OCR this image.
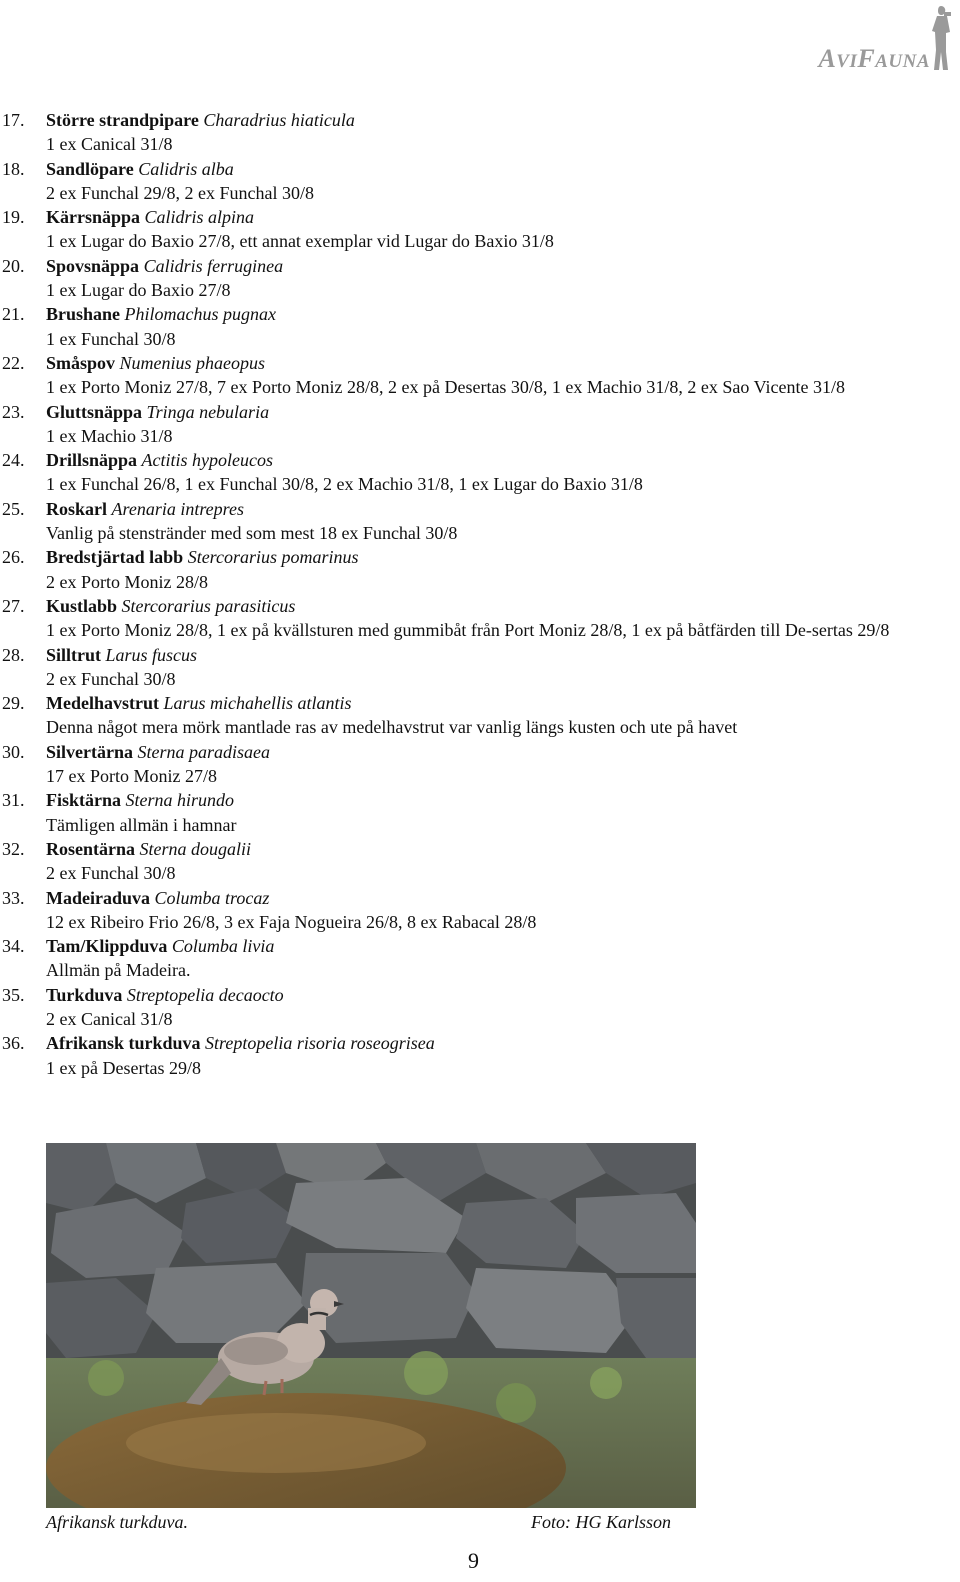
AVIFAUNA
17.	Större strandpipare Charadrius hiaticula
1 ex Canical 31/8
18.	Sandlöpare Calidris alba
2 ex Funchal 29/8, 2 ex Funchal 30/8
19.	Kärrsnäppa Calidris alpina
1 ex Lugar do Baxio 27/8, ett annat exemplar vid Lugar do Baxio 31/8
20.	Spovsnäppa Calidris ferruginea
1 ex Lugar do Baxio 27/8
21.	Brushane Philomachus pugnax
1 ex Funchal 30/8
22.	Småspov Numenius phaeopus
1 ex Porto Moniz 27/8, 7 ex Porto Moniz 28/8, 2 ex på Desertas 30/8, 1 ex Machio 31/8, 2 ex Sao Vicente 31/8
23.	Gluttsnäppa Tringa nebularia
1 ex Machio 31/8
24.	Drillsnäppa Actitis hypoleucos
1 ex Funchal 26/8, 1 ex Funchal 30/8, 2 ex Machio 31/8, 1 ex Lugar do Baxio 31/8
25.	Roskarl Arenaria intrepres
Vanlig på stenstränder med som mest 18 ex Funchal 30/8
26.	Bredstjärtad labb Stercorarius pomarinus
2 ex Porto Moniz 28/8
27.	Kustlabb Stercorarius parasiticus
1 ex Porto Moniz 28/8, 1 ex på kvällsturen med gummibåt från Port Moniz 28/8, 1 ex på båtfärden till De-sertas 29/8
28.	Silltrut Larus fuscus
2 ex Funchal 30/8
29.	Medelhavstrut Larus michahellis atlantis
Denna något mera mörk mantlade ras av medelhavstrut var vanlig längs kusten och ute på havet
30.	Silvertärna Sterna paradisaea
17 ex Porto Moniz 27/8
31.	Fisktärna Sterna hirundo
Tämligen allmän i hamnar
32.	Rosentärna Sterna dougalii
2 ex Funchal 30/8
33.	Madeiraduva Columba trocaz
12 ex Ribeiro Frio 26/8, 3 ex Faja Nogueira 26/8, 8 ex Rabacal 28/8
34.	Tam/Klippduva Columba livia
Allmän på Madeira.
35.	Turkduva Streptopelia decaocto
2 ex Canical 31/8
36.	Afrikansk turkduva Streptopelia risoria roseogrisea
1 ex på Desertas 29/8
Afrikansk turkduva.	Foto: HG Karlsson
9
